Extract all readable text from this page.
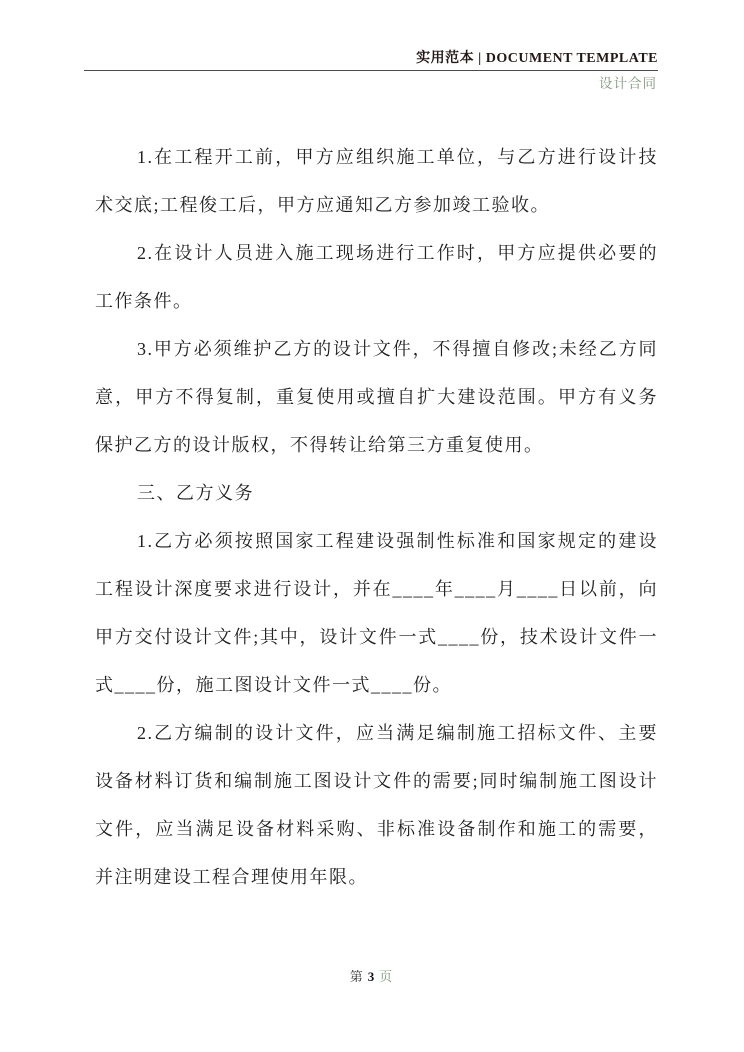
实用范本 | DOCUMENT TEMPLATE
设计合同

1.在工程开工前，甲方应组织施工单位，与乙方进行设计技术交底;工程俊工后，甲方应通知乙方参加竣工验收。

2.在设计人员进入施工现场进行工作时，甲方应提供必要的工作条件。

3.甲方必须维护乙方的设计文件，不得擅自修改;未经乙方同意，甲方不得复制，重复使用或擅自扩大建设范围。甲方有义务保护乙方的设计版权，不得转让给第三方重复使用。

三、乙方义务

1.乙方必须按照国家工程建设强制性标准和国家规定的建设工程设计深度要求进行设计，并在____年____月____日以前，向甲方交付设计文件;其中，设计文件一式____份，技术设计文件一式____份，施工图设计文件一式____份。

2.乙方编制的设计文件，应当满足编制施工招标文件、主要设备材料订货和编制施工图设计文件的需要;同时编制施工图设计文件，应当满足设备材料采购、非标准设备制作和施工的需要，并注明建设工程合理使用年限。

第 3 页
